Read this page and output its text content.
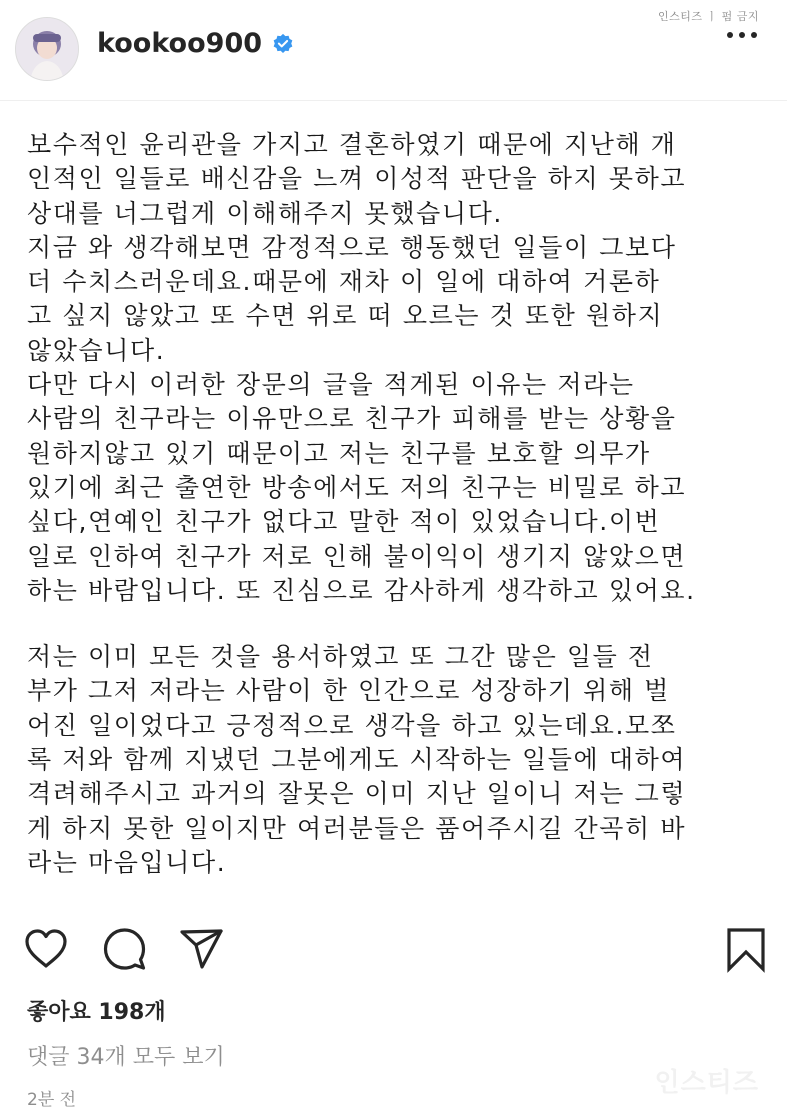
인스티즈 ㅣ 펌 금지
kookoo900

보수적인 윤리관을 가지고 결혼하였기 때문에 지난해 개

인적인 일들로 배신감을 느껴 이성적 판단을 하지 못하고

상대를 너그럽게 이해해주지 못했습니다.

지금 와 생각해보면 감정적으로 행동했던 일들이 그보다

더 수치스러운데요.때문에 재차 이 일에 대하여 거론하

고 싶지 않았고 또 수면 위로 떠 오르는 것 또한 원하지

않았습니다.

다만 다시 이러한 장문의 글을 적게된 이유는 저라는

사람의 친구라는 이유만으로 친구가 피해를 받는 상황을

원하지않고 있기 때문이고 저는 친구를 보호할 의무가

있기에 최근 출연한 방송에서도 저의 친구는 비밀로 하고

싶다,연예인 친구가 없다고 말한 적이 있었습니다.이번

일로 인하여 친구가 저로 인해 불이익이 생기지 않았으면

하는 바람입니다. 또 진심으로 감사하게 생각하고 있어요.

저는 이미 모든 것을 용서하였고 또 그간 많은 일들 전

부가 그저 저라는 사람이 한 인간으로 성장하기 위해 벌

어진 일이었다고 긍정적으로 생각을 하고 있는데요.모쪼

록 저와 함께 지냈던 그분에게도 시작하는 일들에 대하여

격려해주시고 과거의 잘못은 이미 지난 일이니 저는 그렇

게 하지 못한 일이지만 여러분들은 품어주시길 간곡히 바

라는 마음입니다.

좋아요 198개
댓글 34개 모두 보기
2분 전
인스티즈
